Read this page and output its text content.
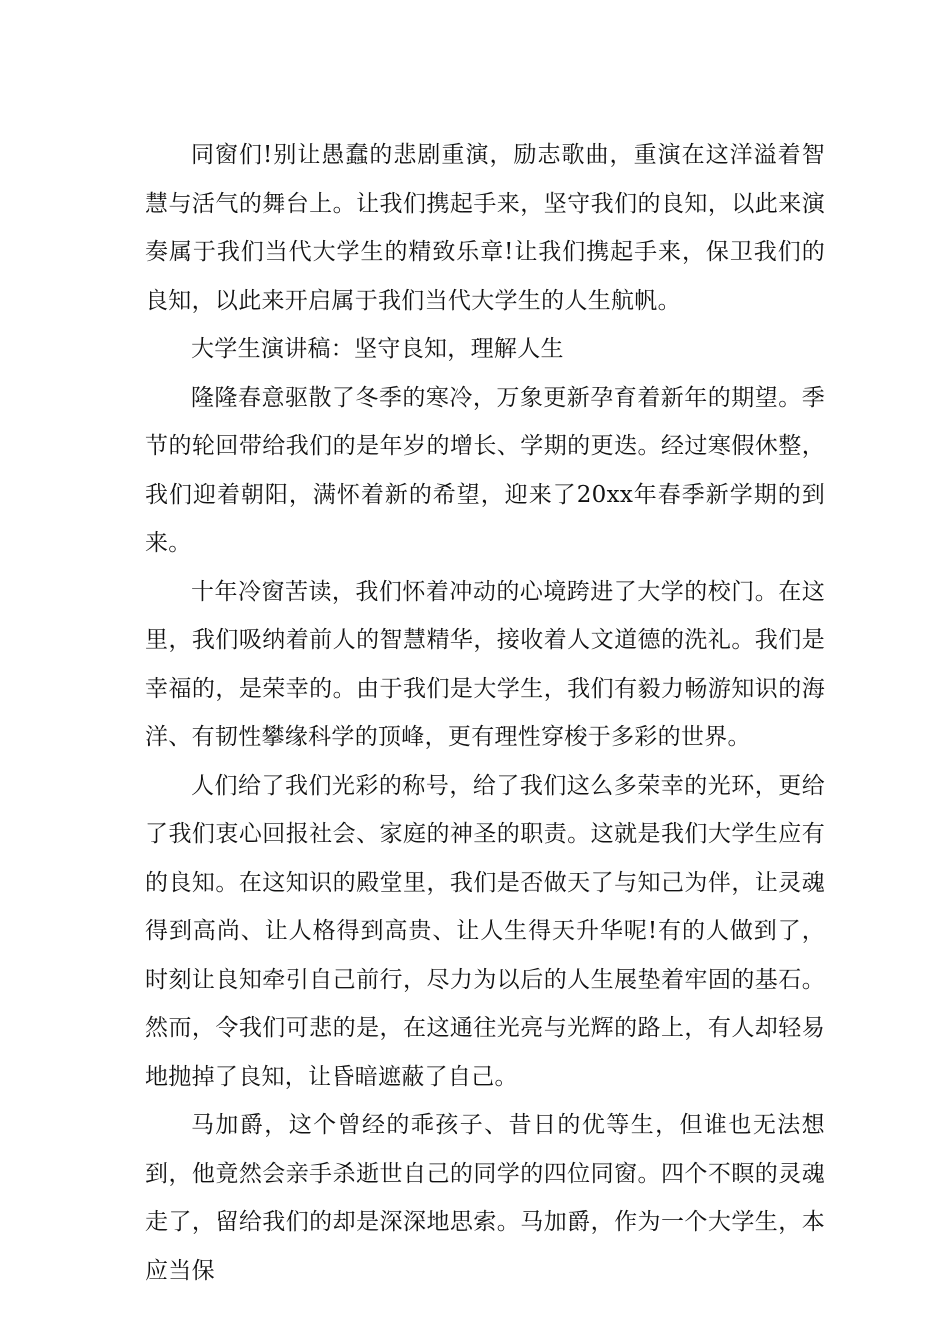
同窗们!别让愚蠢的悲剧重演，励志歌曲，重演在这洋溢着智慧与活气的舞台上。让我们携起手来，坚守我们的良知，以此来演奏属于我们当代大学生的精致乐章!让我们携起手来，保卫我们的良知，以此来开启属于我们当代大学生的人生航帆。

大学生演讲稿：坚守良知，理解人生

隆隆春意驱散了冬季的寒冷，万象更新孕育着新年的期望。季节的轮回带给我们的是年岁的增长、学期的更迭。经过寒假休整，我们迎着朝阳，满怀着新的希望，迎来了20xx年春季新学期的到来。

十年冷窗苦读，我们怀着冲动的心境跨进了大学的校门。在这里，我们吸纳着前人的智慧精华，接收着人文道德的洗礼。我们是幸福的，是荣幸的。由于我们是大学生，我们有毅力畅游知识的海洋、有韧性攀缘科学的顶峰，更有理性穿梭于多彩的世界。

人们给了我们光彩的称号，给了我们这么多荣幸的光环，更给了我们衷心回报社会、家庭的神圣的职责。这就是我们大学生应有的良知。在这知识的殿堂里，我们是否做天了与知己为伴，让灵魂得到高尚、让人格得到高贵、让人生得天升华呢!有的人做到了，时刻让良知牵引自己前行，尽力为以后的人生展垫着牢固的基石。然而，令我们可悲的是，在这通往光亮与光辉的路上，有人却轻易地抛掉了良知，让昏暗遮蔽了自己。

马加爵，这个曾经的乖孩子、昔日的优等生，但谁也无法想到，他竟然会亲手杀逝世自己的同学的四位同窗。四个不瞑的灵魂走了，留给我们的却是深深地思索。马加爵，作为一个大学生，本应当保
